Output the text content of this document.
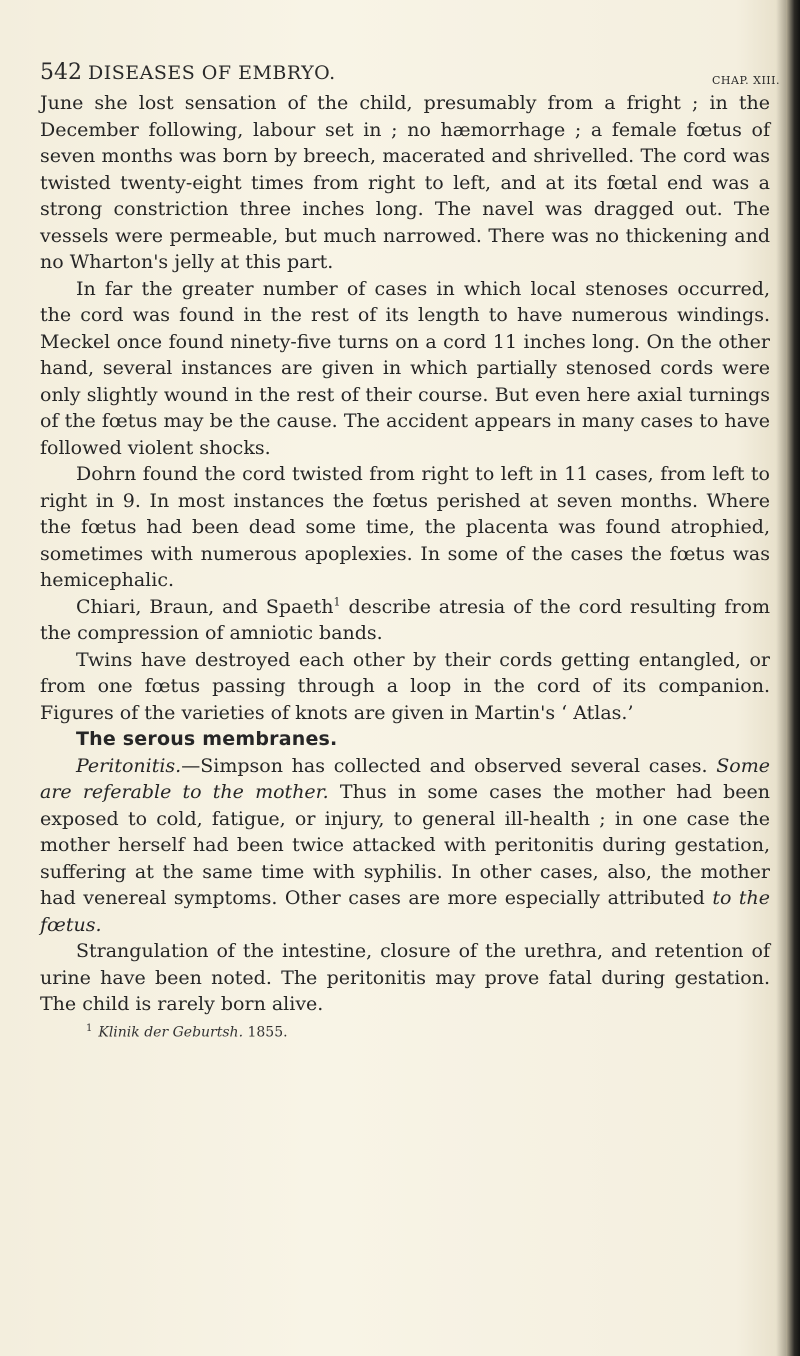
542 DISEASES OF EMBRYO.	CHAP. XIII.

June she lost sensation of the child, presumably from a fright ; in the December following, labour set in ; no hæmorrhage ; a female fœtus of seven months was born by breech, macerated and shrivelled. The cord was twisted twenty-eight times from right to left, and at its fœtal end was a strong constriction three inches long. The navel was dragged out. The vessels were permeable, but much narrowed. There was no thickening and no Wharton's jelly at this part.

In far the greater number of cases in which local stenoses occurred, the cord was found in the rest of its length to have numerous windings. Meckel once found ninety-five turns on a cord 11 inches long. On the other hand, several instances are given in which partially stenosed cords were only slightly wound in the rest of their course. But even here axial turnings of the fœtus may be the cause. The accident appears in many cases to have followed violent shocks.

Dohrn found the cord twisted from right to left in 11 cases, from left to right in 9. In most instances the fœtus perished at seven months. Where the fœtus had been dead some time, the placenta was found atrophied, sometimes with numerous apoplexies. In some of the cases the fœtus was hemicephalic.

Chiari, Braun, and Spaeth$^1$ describe atresia of the cord resulting from the compression of amniotic bands.

Twins have destroyed each other by their cords getting entangled, or from one fœtus passing through a loop in the cord of its companion. Figures of the varieties of knots are given in Martin's ‘ Atlas.’

The serous membranes.

Peritonitis.—Simpson has collected and observed several cases. Some are referable to the mother. Thus in some cases the mother had been exposed to cold, fatigue, or injury, to general ill-health ; in one case the mother herself had been twice attacked with peritonitis during gestation, suffering at the same time with syphilis. In other cases, also, the mother had venereal symptoms. Other cases are more especially attributed to the fœtus.

Strangulation of the intestine, closure of the urethra, and retention of urine have been noted. The peritonitis may prove fatal during gestation. The child is rarely born alive.

$^1$ Klinik der Geburtsh. 1855.
